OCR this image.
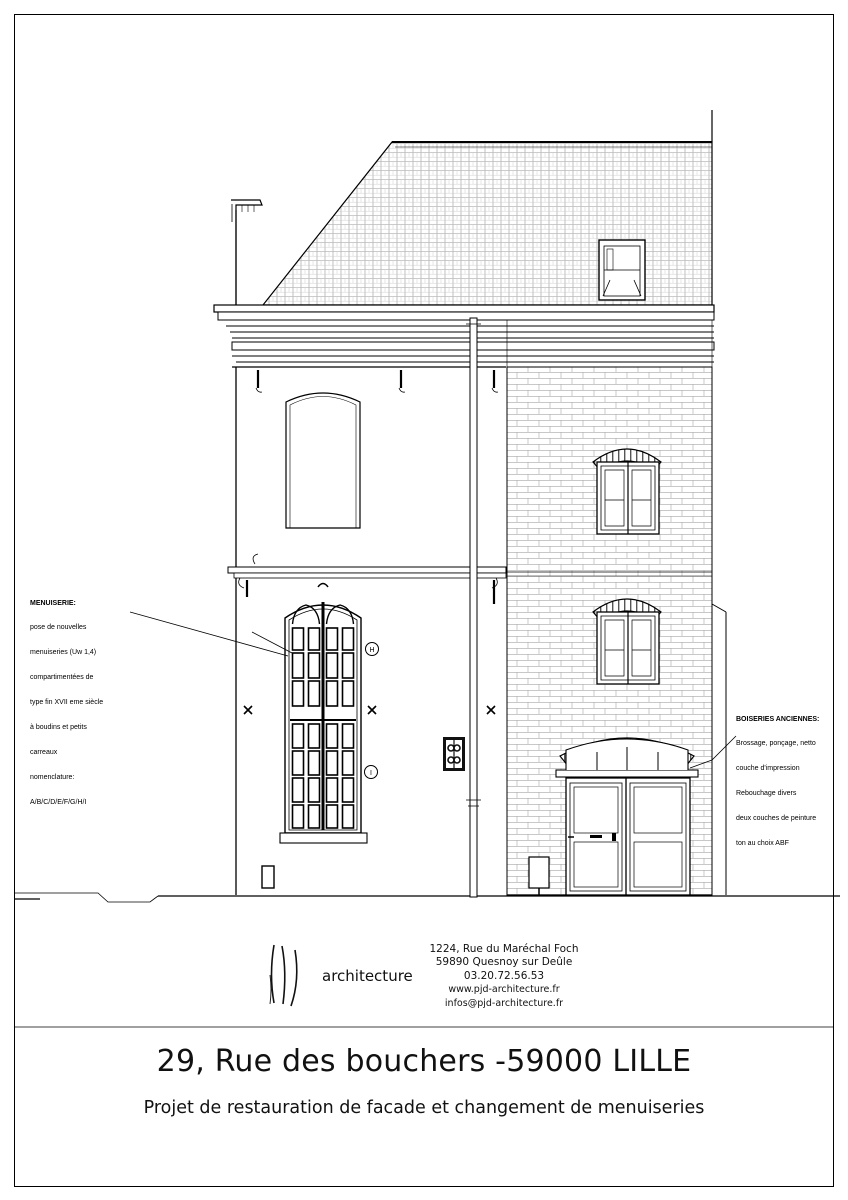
H
I

MENUISERIE:

pose de nouvelles

menuiseries (Uw 1,4)

compartimentées de

type fin XVII eme siècle

à boudins et petits

carreaux

nomenclature:

A/B/C/D/E/F/G/H/I

BOISERIES ANCIENNES:

Brossage, ponçage, netto

couche d'impression

Rebouchage divers

deux couches de peinture

ton au choix ABF

architecture
1224, Rue du Maréchal Foch
59890 Quesnoy sur Deûle
03.20.72.56.53
www.pjd-architecture.fr
infos@pjd-architecture.fr
29, Rue des bouchers -59000 LILLE
Projet de restauration de facade et changement de menuiseries
